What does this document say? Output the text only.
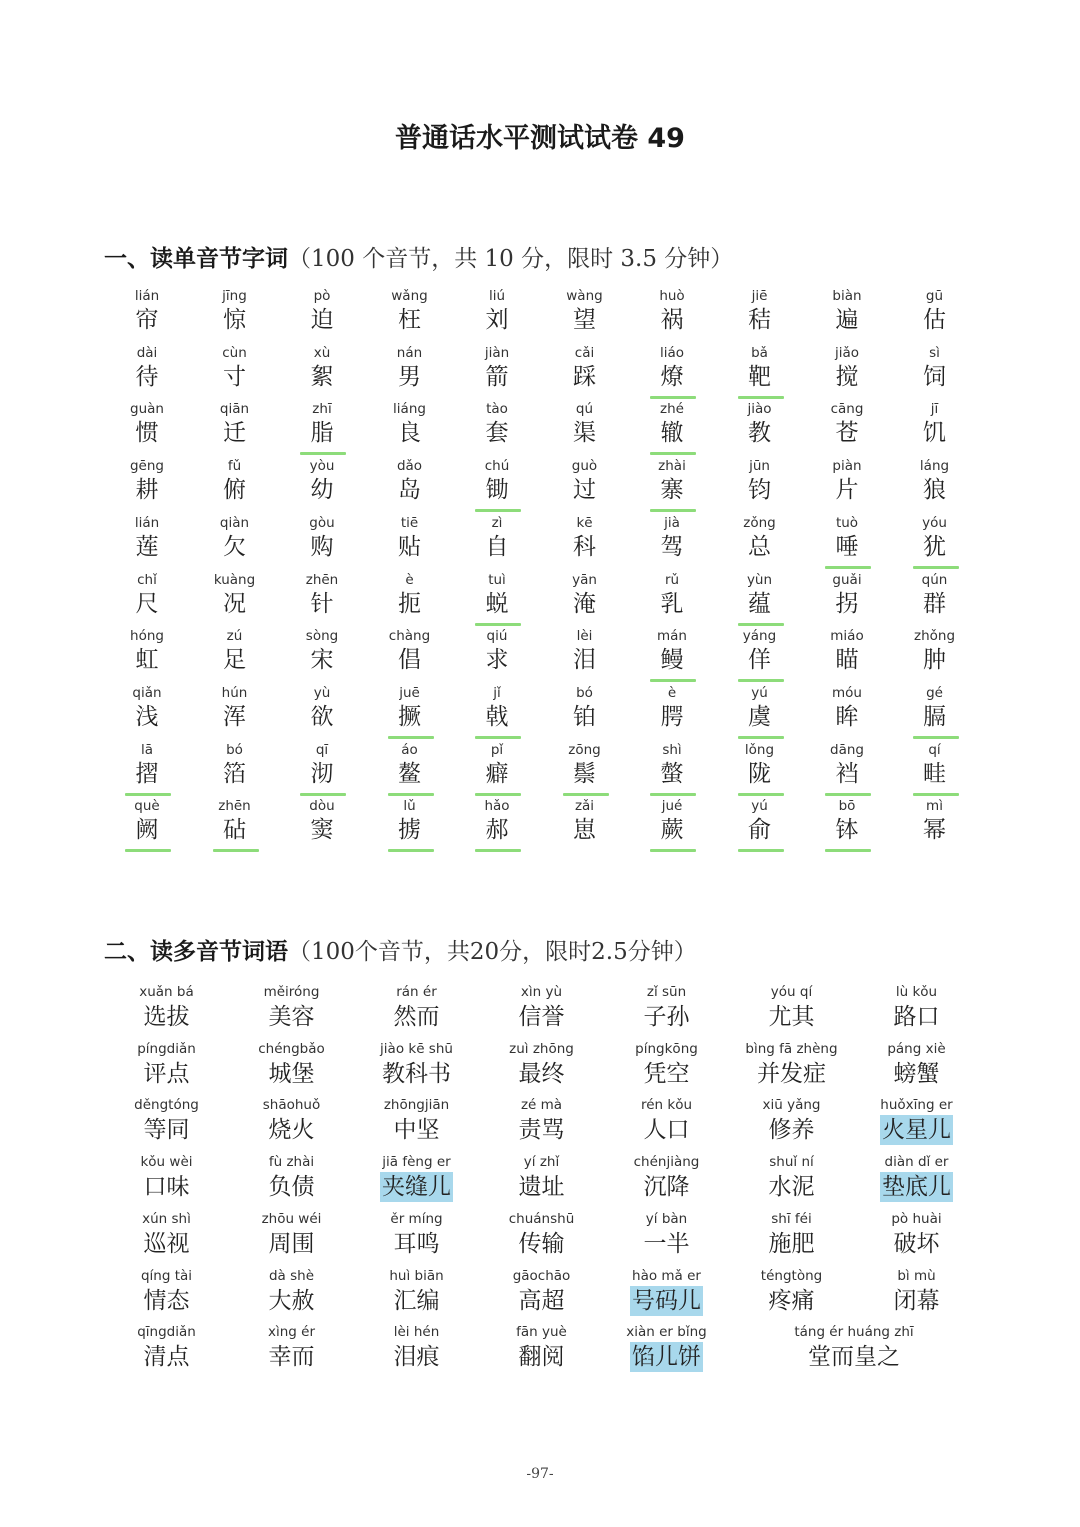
普通话水平测试试卷 49
一、读单音节字词（100 个音节，共 10 分，限时 3.5 分钟）
lián
帘
jīng
惊
pò
迫
wǎng
枉
liú
刘
wàng
望
huò
祸
jiē
秸
biàn
遍
gū
估
dài
待
cùn
寸
xù
絮
nán
男
jiàn
箭
cǎi
踩
liáo
燎
bǎ
靶
jiǎo
搅
sì
饲
guàn
惯
qiān
迁
zhī
脂
liáng
良
tào
套
qú
渠
zhé
辙
jiào
教
cāng
苍
jī
饥
gēng
耕
fǔ
俯
yòu
幼
dǎo
岛
chú
锄
guò
过
zhài
寨
jūn
钧
piàn
片
láng
狼
lián
莲
qiàn
欠
gòu
购
tiē
贴
zì
自
kē
科
jià
驾
zǒng
总
tuò
唾
yóu
犹
chǐ
尺
kuàng
况
zhēn
针
è
扼
tuì
蜕
yān
淹
rǔ
乳
yùn
蕴
guǎi
拐
qún
群
hóng
虹
zú
足
sòng
宋
chàng
倡
qiú
求
lèi
泪
mán
鳗
yáng
佯
miáo
瞄
zhǒng
肿
qiǎn
浅
hún
浑
yù
欲
juē
撅
jǐ
戟
bó
铂
è
腭
yú
虞
móu
眸
gé
膈
lā
摺
bó
箔
qī
沏
áo
鳌
pǐ
癖
zōng
鬃
shì
螫
lǒng
陇
dāng
裆
qí
畦
què
阙
zhēn
砧
dòu
窦
lǔ
掳
hǎo
郝
zǎi
崽
jué
蕨
yú
俞
bō
钵
mì
幂
二、读多音节词语（100个音节，共20分，限时2.5分钟）
xuǎn bá
选拔
měiróng
美容
rán ér
然而
xìn yù
信誉
zǐ sūn
子孙
yóu qí
尤其
lù kǒu
路口
píngdiǎn
评点
chéngbǎo
城堡
jiào kē shū
教科书
zuì zhōng
最终
píngkōng
凭空
bìng fā zhèng
并发症
páng xiè
螃蟹
děngtóng
等同
shāohuǒ
烧火
zhōngjiān
中坚
zé mà
责骂
rén kǒu
人口
xiū yǎng
修养
huǒxīng er
火星儿
kǒu wèi
口味
fù zhài
负债
jiā fèng er
夹缝儿
yí zhǐ
遗址
chénjiàng
沉降
shuǐ ní
水泥
diàn dǐ er
垫底儿
xún shì
巡视
zhōu wéi
周围
ěr míng
耳鸣
chuánshū
传输
yí bàn
一半
shī féi
施肥
pò huài
破坏
qíng tài
情态
dà shè
大赦
huì biān
汇编
gāochāo
高超
hào mǎ er
号码儿
téngtòng
疼痛
bì mù
闭幕
qīngdiǎn
清点
xìng ér
幸而
lèi hén
泪痕
fān yuè
翻阅
xiàn er bǐng
馅儿饼
táng ér huáng zhī
堂而皇之
-97-
